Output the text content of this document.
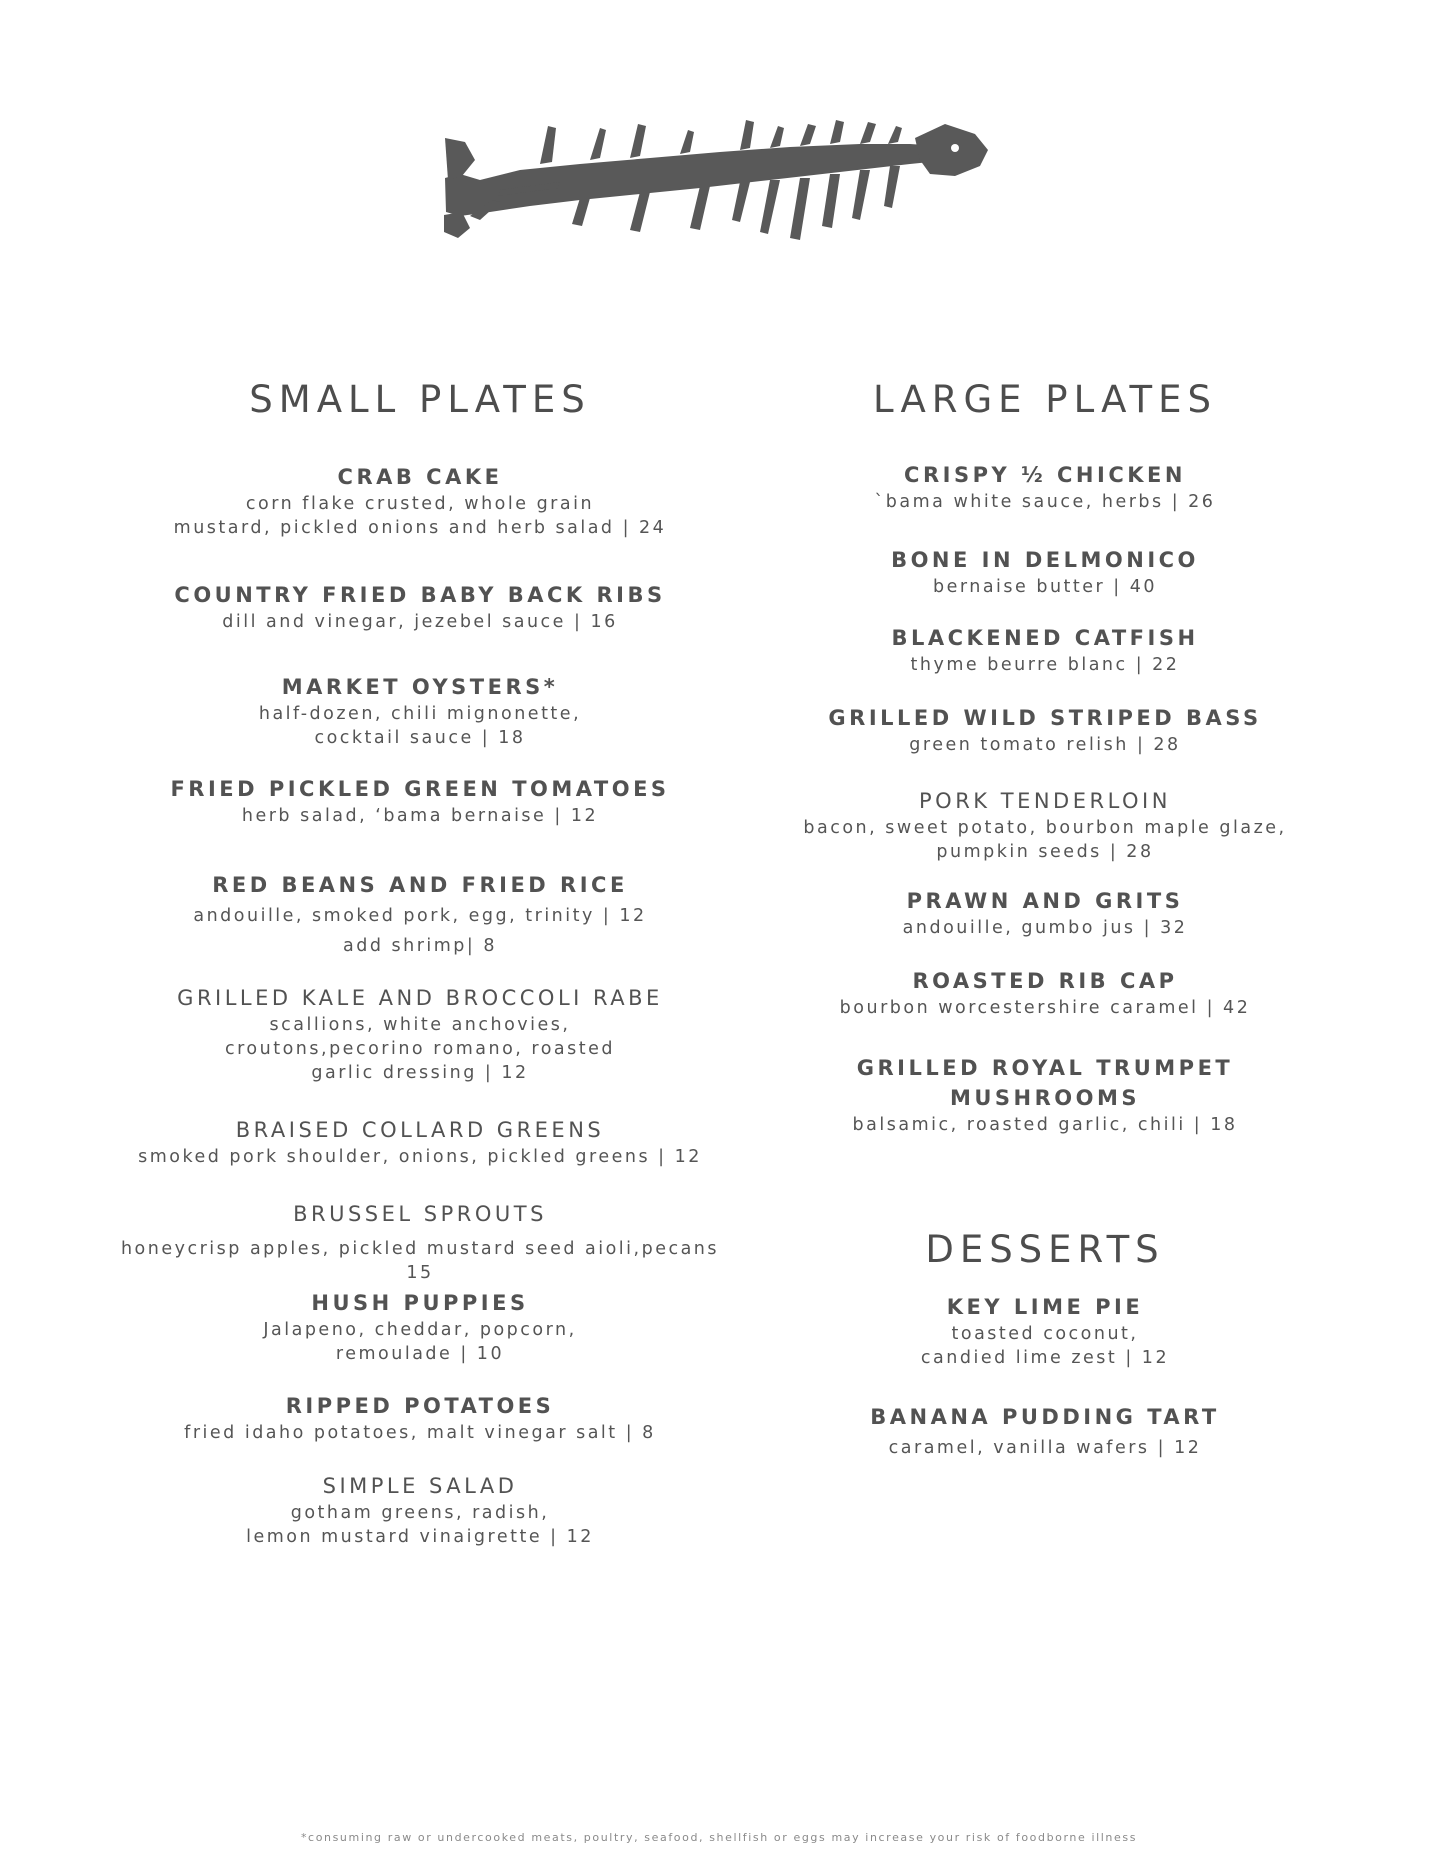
SMALL PLATES
CRAB CAKE
corn flake crusted, whole grain
mustard, pickled onions and herb salad | 24
COUNTRY FRIED BABY BACK RIBS
dill and vinegar, jezebel sauce | 16
MARKET OYSTERS*
half-dozen, chili mignonette,
cocktail sauce | 18
FRIED PICKLED GREEN TOMATOES
herb salad, ‘bama bernaise | 12
RED BEANS AND FRIED RICE
andouille, smoked pork, egg, trinity | 12
add shrimp| 8
GRILLED KALE AND BROCCOLI RABE
scallions, white anchovies,
croutons,pecorino romano, roasted
garlic dressing | 12
BRAISED COLLARD GREENS
smoked pork shoulder, onions, pickled greens | 12
BRUSSEL SPROUTS
honeycrisp apples, pickled mustard seed aioli,pecans 15
HUSH PUPPIES
Jalapeno, cheddar, popcorn,
remoulade | 10
RIPPED POTATOES
fried idaho potatoes, malt vinegar salt | 8
SIMPLE SALAD
gotham greens, radish,
lemon mustard vinaigrette | 12
LARGE PLATES
CRISPY ½ CHICKEN
`bama white sauce, herbs | 26
BONE IN DELMONICO
bernaise butter | 40
BLACKENED CATFISH
thyme beurre blanc | 22
GRILLED WILD STRIPED BASS
green tomato relish | 28
PORK TENDERLOIN
bacon, sweet potato, bourbon maple glaze,
pumpkin seeds | 28
PRAWN AND GRITS
andouille, gumbo jus | 32
ROASTED RIB CAP
bourbon worcestershire caramel | 42
GRILLED ROYAL TRUMPET
MUSHROOMS
balsamic, roasted garlic, chili | 18
DESSERTS
KEY LIME PIE
toasted coconut,
candied lime zest | 12
BANANA PUDDING TART
caramel, vanilla wafers | 12
*consuming raw or undercooked meats, poultry, seafood, shellfish or eggs may increase your risk of foodborne illness
